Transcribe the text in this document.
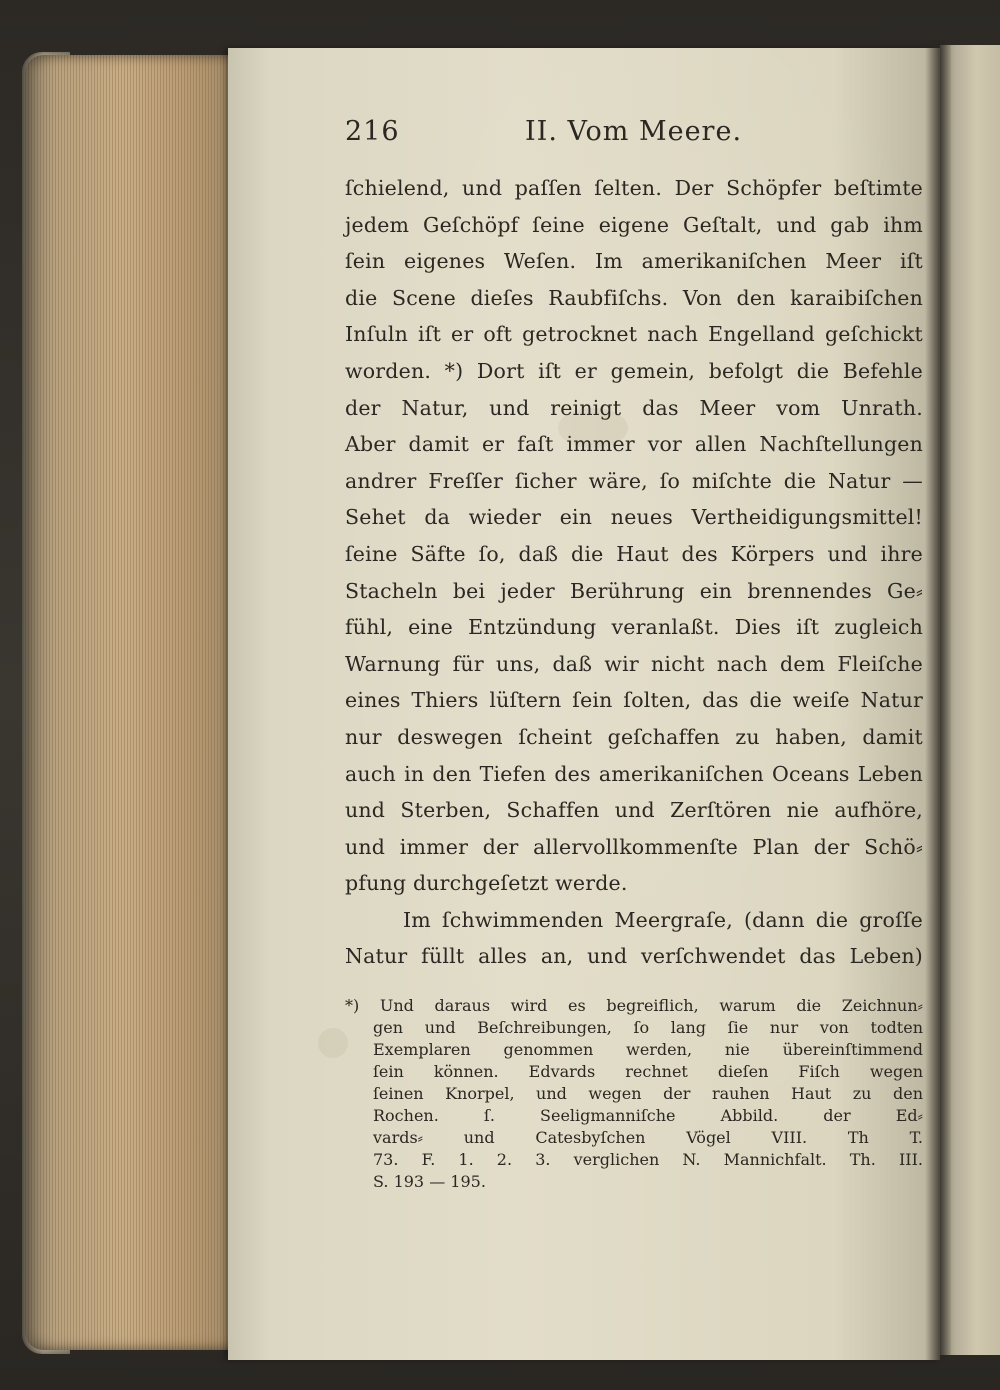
216	II. Vom Meere.
ſchielend, und paſſen ſelten. Der Schöpfer beſtimte
jedem Geſchöpf ſeine eigene Geſtalt, und gab ihm
ſein eigenes Weſen. Im amerikaniſchen Meer iſt
die Scene dieſes Raubfiſchs. Von den karaibiſchen
Inſuln iſt er oft getrocknet nach Engelland geſchickt
worden. *) Dort iſt er gemein, befolgt die Befehle
der Natur, und reinigt das Meer vom Unrath.
Aber damit er faſt immer vor allen Nachſtellungen
andrer Freſſer ſicher wäre, ſo miſchte die Natur —
Sehet da wieder ein neues Vertheidigungsmittel!
ſeine Säfte ſo, daß die Haut des Körpers und ihre
Stacheln bei jeder Berührung ein brennendes Ge⸗
fühl, eine Entzündung veranlaßt. Dies iſt zugleich
Warnung für uns, daß wir nicht nach dem Fleiſche
eines Thiers lüſtern ſein ſolten, das die weiſe Natur
nur deswegen ſcheint geſchaffen zu haben, damit
auch in den Tiefen des amerikaniſchen Oceans Leben
und Sterben, Schaffen und Zerſtören nie aufhöre,
und immer der allervollkommenſte Plan der Schö⸗
pfung durchgeſetzt werde.
Im ſchwimmenden Meergraſe, (dann die groſſe
Natur füllt alles an, und verſchwendet das Leben)
*) Und daraus wird es begreiflich, warum die Zeichnun⸗
gen und Beſchreibungen, ſo lang ſie nur von todten
Exemplaren genommen werden, nie übereinſtimmend
ſein können. Edvards rechnet dieſen Fiſch wegen
ſeinen Knorpel, und wegen der rauhen Haut zu den
Rochen. ſ. Seeligmanniſche Abbild. der Ed⸗
vards⸗ und Catesbyſchen Vögel VIII. Th T.
73. F. 1. 2. 3. verglichen N. Mannichfalt. Th. III.
S. 193 — 195.
